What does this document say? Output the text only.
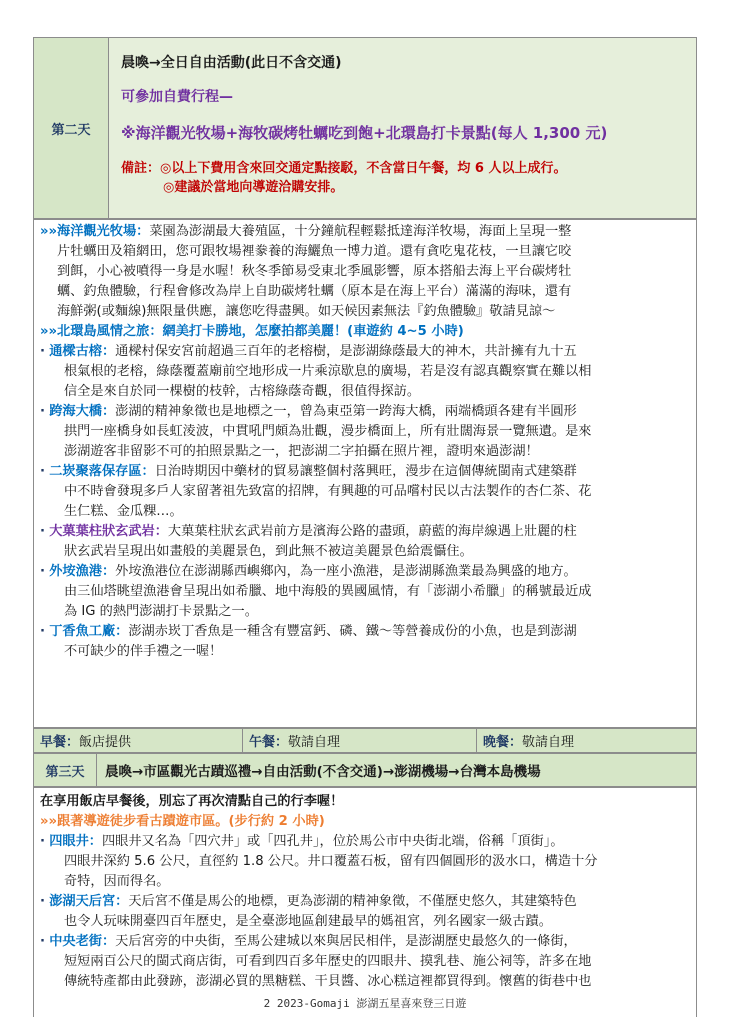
第二天	
晨喚→全日自由活動(此日不含交通)
可參加自費行程—
※海洋觀光牧場+海牧碳烤牡蠣吃到飽+北環島打卡景點(每人 1,300 元)
備註：◎以上下費用含來回交通定點接駁，不含當日午餐，均 6 人以上成行。
◎建議於當地向導遊洽購安排。
»»海洋觀光牧場：菜園為澎湖最大養殖區，十分鐘航程輕鬆抵達海洋牧場，海面上呈現一整
片牡蠣田及箱網田，您可跟牧場裡豢養的海鱺魚一博力道。還有貪吃鬼花枝，一旦讓它咬
到餌，小心被噴得一身是水喔！秋冬季節易受東北季風影響，原本搭船去海上平台碳烤牡
蠣、釣魚體驗，行程會修改為岸上自助碳烤牡蠣（原本是在海上平台）滿滿的海味，還有
海鮮粥(或麵線)無限量供應，讓您吃得盡興。如天候因素無法『釣魚體驗』敬請見諒～
»»北環島風情之旅：網美打卡勝地，怎麼拍都美麗！(車遊約 4~5 小時)
· 通樑古榕：通樑村保安宮前超過三百年的老榕樹，是澎湖綠蔭最大的神木，共計擁有九十五
根氣根的老榕，綠蔭覆蓋廟前空地形成一片乘涼歇息的廣場，若是沒有認真觀察實在難以相
信全是來自於同一棵樹的枝幹，古榕綠蔭奇觀，很值得探訪。
· 跨海大橋：澎湖的精神象徵也是地標之一，曾為東亞第一跨海大橋，兩端橋頭各建有半圓形
拱門一座橋身如長虹淩波，中貫吼門頗為壯觀，漫步橋面上，所有壯闊海景一覽無遺。是來
澎湖遊客非留影不可的拍照景點之一，把澎湖二字拍攝在照片裡，證明來過澎湖！
· 二崁聚落保存區：日治時期因中藥材的貿易讓整個村落興旺，漫步在這個傳統閩南式建築群
中不時會發現多戶人家留著祖先致富的招牌，有興趣的可品嚐村民以古法製作的杏仁茶、花
生仁糕、金瓜粿…。
· 大菓葉柱狀玄武岩：大菓葉柱狀玄武岩前方是濱海公路的盡頭，蔚藍的海岸線遇上壯麗的柱
狀玄武岩呈現出如畫般的美麗景色，到此無不被這美麗景色給震懾住。
· 外垵漁港：外垵漁港位在澎湖縣西嶼鄉內，為一座小漁港，是澎湖縣漁業最為興盛的地方。
由三仙塔眺望漁港會呈現出如希臘、地中海般的異國風情，有「澎湖小希臘」的稱號最近成
為 IG 的熱門澎湖打卡景點之一。
· 丁香魚工廠：澎湖赤崁丁香魚是一種含有豐富鈣、磷、鐵～等營養成份的小魚，也是到澎湖
不可缺少的伴手禮之一喔！
早餐：飯店提供	午餐：敬請自理	晚餐：敬請自理
第三天	晨喚→市區觀光古蹟巡禮→自由活動(不含交通)→澎湖機場→台灣本島機場
在享用飯店早餐後，別忘了再次清點自己的行李喔！
»»跟著導遊徒步看古蹟遊市區。(步行約 2 小時)
· 四眼井：四眼井又名為「四穴井」或「四孔井」，位於馬公市中央街北端，俗稱「頂街」。
四眼井深約 5.6 公尺，直徑約 1.8 公尺。井口覆蓋石板，留有四個圓形的汲水口，構造十分
奇特，因而得名。
· 澎湖天后宮：天后宮不僅是馬公的地標，更為澎湖的精神象徵，不僅歷史悠久，其建築特色
也令人玩味開臺四百年歷史，是全臺澎地區創建最早的媽祖宮，列名國家一級古蹟。
· 中央老街：天后宮旁的中央街，至馬公建城以來與居民相伴，是澎湖歷史最悠久的一條街，
短短兩百公尺的閩式商店街，可看到四百多年歷史的四眼井、摸乳巷、施公祠等，許多在地
傳統特產都由此發跡，澎湖必買的黑糖糕、干貝醬、冰心糕這裡都買得到。懷舊的街巷中也
2 2023-Gomaji 澎湖五星喜來登三日遊
